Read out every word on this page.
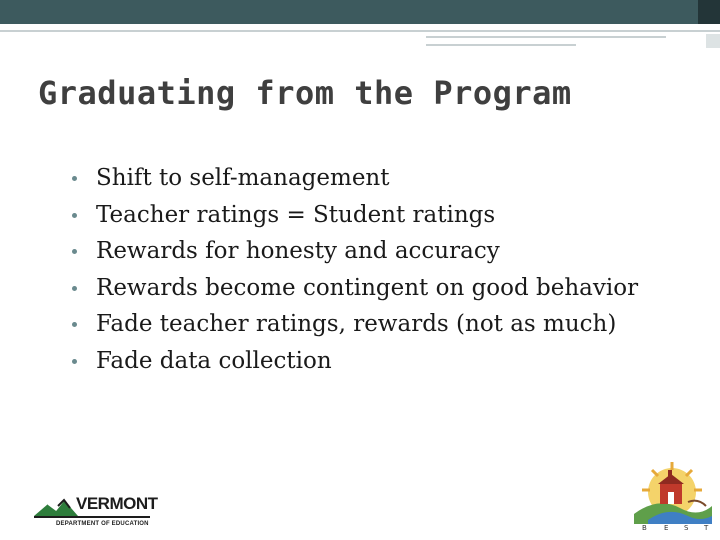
Graduating from the Program
Shift to self-management
Teacher ratings = Student ratings
Rewards for honesty and accuracy
Rewards become contingent on good behavior
Fade teacher ratings, rewards (not as much)
Fade data collection
VERMONT
DEPARTMENT OF EDUCATION	B E S T
